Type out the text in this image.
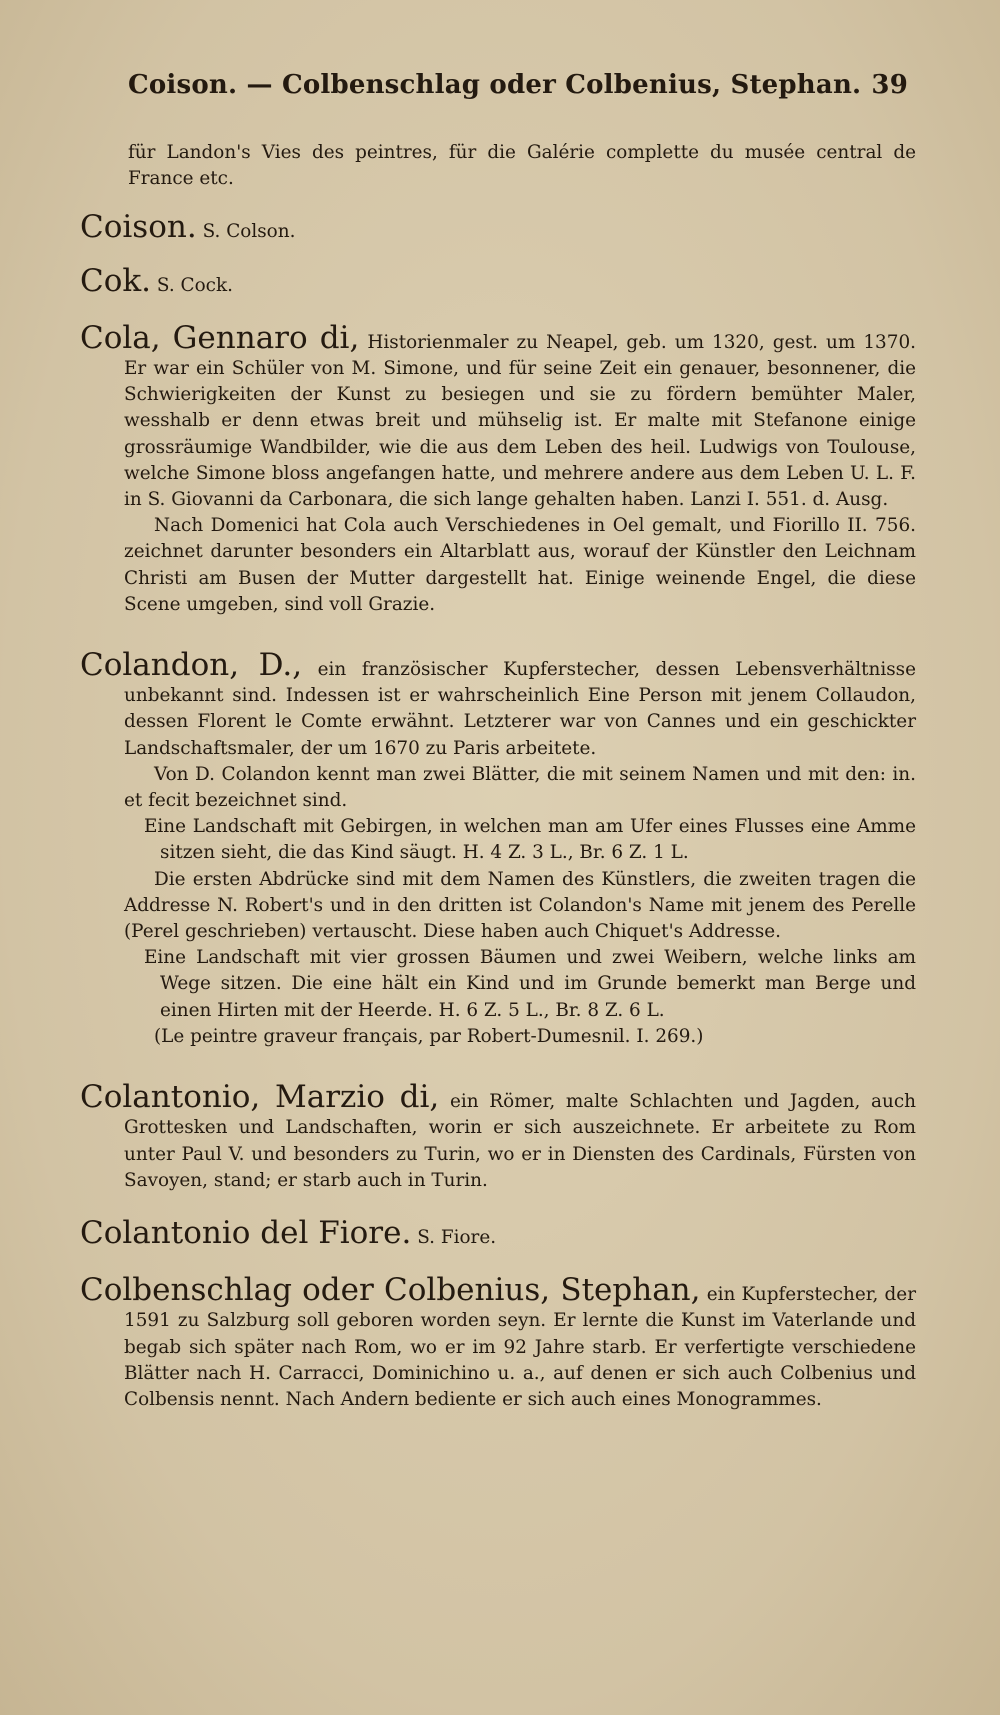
Coison. — Colbenschlag oder Colbenius, Stephan. 39

für Landon's Vies des peintres, für die Galérie complette du musée central de France etc.

Coison. S. Colson.

Cok. S. Cock.

Cola, Gennaro di, Historienmaler zu Neapel, geb. um 1320, gest. um 1370. Er war ein Schüler von M. Simone, und für seine Zeit ein genauer, besonnener, die Schwierigkeiten der Kunst zu besiegen und sie zu fördern bemühter Maler, wesshalb er denn etwas breit und mühselig ist. Er malte mit Stefanone einige grossräumige Wandbilder, wie die aus dem Leben des heil. Ludwigs von Toulouse, welche Simone bloss angefangen hatte, und mehrere andere aus dem Leben U. L. F. in S. Giovanni da Carbonara, die sich lange gehalten haben. Lanzi I. 551. d. Ausg.

Nach Domenici hat Cola auch Verschiedenes in Oel gemalt, und Fiorillo II. 756. zeichnet darunter besonders ein Altarblatt aus, worauf der Künstler den Leichnam Christi am Busen der Mutter dargestellt hat. Einige weinende Engel, die diese Scene umgeben, sind voll Grazie.

Colandon, D., ein französischer Kupferstecher, dessen Lebensverhältnisse unbekannt sind. Indessen ist er wahrscheinlich Eine Person mit jenem Collaudon, dessen Florent le Comte erwähnt. Letzterer war von Cannes und ein geschickter Landschaftsmaler, der um 1670 zu Paris arbeitete.

Von D. Colandon kennt man zwei Blätter, die mit seinem Namen und mit den: in. et fecit bezeichnet sind.

Eine Landschaft mit Gebirgen, in welchen man am Ufer eines Flusses eine Amme sitzen sieht, die das Kind säugt. H. 4 Z. 3 L., Br. 6 Z. 1 L.

Die ersten Abdrücke sind mit dem Namen des Künstlers, die zweiten tragen die Addresse N. Robert's und in den dritten ist Colandon's Name mit jenem des Perelle (Perel geschrieben) vertauscht. Diese haben auch Chiquet's Addresse.

Eine Landschaft mit vier grossen Bäumen und zwei Weibern, welche links am Wege sitzen. Die eine hält ein Kind und im Grunde bemerkt man Berge und einen Hirten mit der Heerde. H. 6 Z. 5 L., Br. 8 Z. 6 L.

(Le peintre graveur français, par Robert-Dumesnil. I. 269.)

Colantonio, Marzio di, ein Römer, malte Schlachten und Jagden, auch Grottesken und Landschaften, worin er sich auszeichnete. Er arbeitete zu Rom unter Paul V. und besonders zu Turin, wo er in Diensten des Cardinals, Fürsten von Savoyen, stand; er starb auch in Turin.

Colantonio del Fiore. S. Fiore.

Colbenschlag oder Colbenius, Stephan, ein Kupferstecher, der 1591 zu Salzburg soll geboren worden seyn. Er lernte die Kunst im Vaterlande und begab sich später nach Rom, wo er im 92 Jahre starb. Er verfertigte verschiedene Blätter nach H. Carracci, Dominichino u. a., auf denen er sich auch Colbenius und Colbensis nennt. Nach Andern bediente er sich auch eines Monogrammes.
